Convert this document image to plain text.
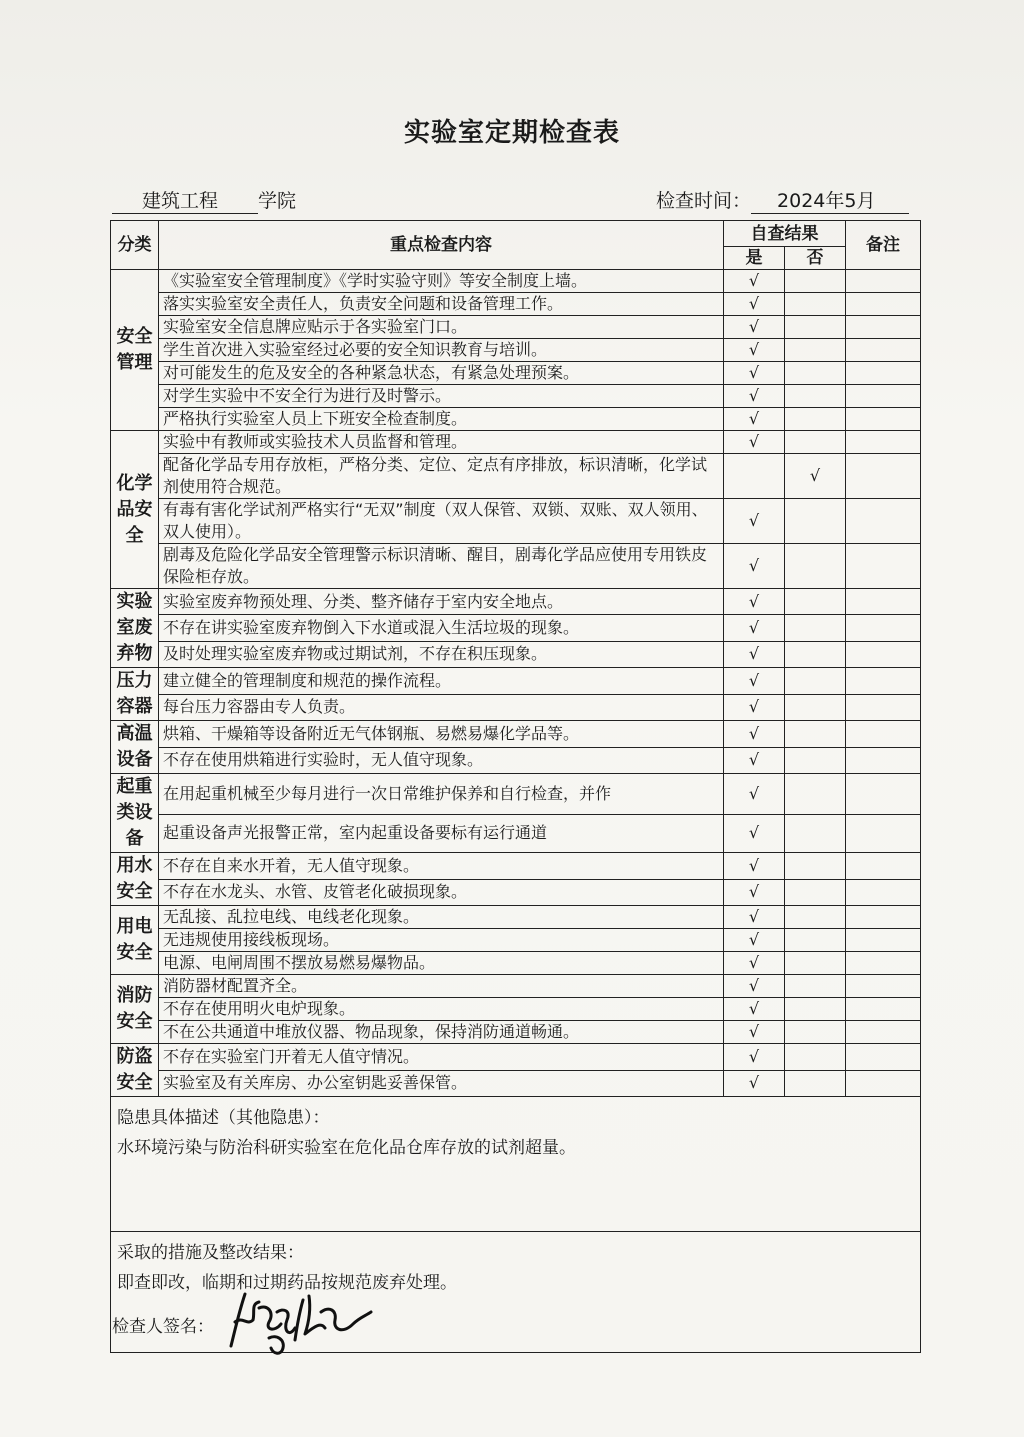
实验室定期检查表
建筑工程 学院	检查时间： 2024年5月
分类	重点检查内容	自查结果		备注
		是	否	
安全管理	《实验室安全管理制度》《学时实验守则》等安全制度上墙。	√		
	落实实验室安全责任人，负责安全问题和设备管理工作。	√		
	实验室安全信息牌应贴示于各实验室门口。	√		
	学生首次进入实验室经过必要的安全知识教育与培训。	√		
	对可能发生的危及安全的各种紧急状态，有紧急处理预案。	√		
	对学生实验中不安全行为进行及时警示。	√		
	严格执行实验室人员上下班安全检查制度。	√		
化学品安全	实验中有教师或实验技术人员监督和管理。	√		
	配备化学品专用存放柜，严格分类、定位、定点有序排放，标识清晰，化学试剂使用符合规范。		√	
	有毒有害化学试剂严格实行“无双”制度（双人保管、双锁、双账、双人领用、双人使用）。	√		
	剧毒及危险化学品安全管理警示标识清晰、醒目，剧毒化学品应使用专用铁皮保险柜存放。	√		
实验室废弃物	实验室废弃物预处理、分类、整齐储存于室内安全地点。	√		
	不存在讲实验室废弃物倒入下水道或混入生活垃圾的现象。	√		
	及时处理实验室废弃物或过期试剂，不存在积压现象。	√		
压力容器	建立健全的管理制度和规范的操作流程。	√		
	每台压力容器由专人负责。	√		
高温设备	烘箱、干燥箱等设备附近无气体钢瓶、易燃易爆化学品等。	√		
	不存在使用烘箱进行实验时，无人值守现象。	√		
起重类设备	在用起重机械至少每月进行一次日常维护保养和自行检查，并作	√		
	起重设备声光报警正常，室内起重设备要标有运行通道	√		
用水安全	不存在自来水开着，无人值守现象。	√		
	不存在水龙头、水管、皮管老化破损现象。	√		
用电安全	无乱接、乱拉电线、电线老化现象。	√		
	无违规使用接线板现场。	√		
	电源、电闸周围不摆放易燃易爆物品。	√		
消防安全	消防器材配置齐全。	√		
	不存在使用明火电炉现象。	√		
	不在公共通道中堆放仪器、物品现象，保持消防通道畅通。	√		
防盗安全	不存在实验室门开着无人值守情况。	√		
	实验室及有关库房、办公室钥匙妥善保管。	√		

隐患具体描述（其他隐患）：
水环境污染与防治科研实验室在危化品仓库存放的试剂超量。				

采取的措施及整改结果：
即查即改，临期和过期药品按规范废弃处理。				
检查人签名：
